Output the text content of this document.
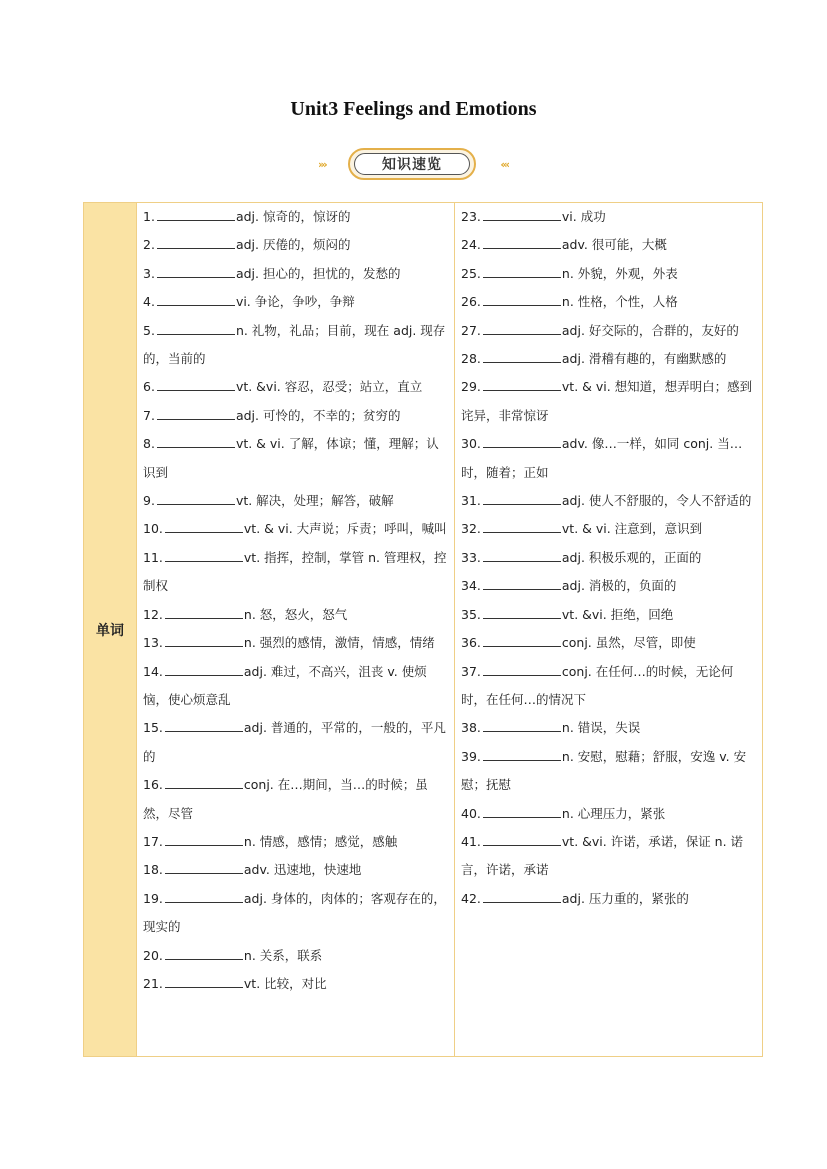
Unit3 Feelings and Emotions
›››	知识速览	‹‹‹
单词
1.	adj. 惊奇的，惊讶的
2.	adj. 厌倦的，烦闷的
3.	adj. 担心的，担忧的，发愁的
4.	vi. 争论，争吵，争辩
5.	n. 礼物，礼品；目前，现在 adj. 现存的，当前的
6.	vt. &vi. 容忍，忍受；站立，直立
7.	adj. 可怜的，不幸的；贫穷的
8.	vt. & vi. 了解，体谅；懂，理解；认识到
9.	vt. 解决，处理；解答，破解
10.	vt. & vi. 大声说；斥责；呼叫，喊叫
11.	vt. 指挥，控制，掌管 n. 管理权，控制权
12.	n. 怒，怒火，怒气
13.	n. 强烈的感情，激情，情感，情绪
14.	adj. 难过，不高兴，沮丧 v. 使烦恼，使心烦意乱
15.	adj. 普通的，平常的，一般的，平凡的
16.	conj. 在…期间，当…的时候；虽然，尽管
17.	n. 情感，感情；感觉，感触
18.	adv. 迅速地，快速地
19.	adj. 身体的，肉体的；客观存在的，现实的
20.	n. 关系，联系
21.	vt. 比较，对比
23.	vi. 成功
24.	adv. 很可能，大概
25.	n. 外貌，外观，外表
26.	n. 性格，个性，人格
27.	adj. 好交际的，合群的，友好的
28.	adj. 滑稽有趣的，有幽默感的
29.	vt. & vi. 想知道，想弄明白；感到诧异，非常惊讶
30.	adv. 像…一样，如同 conj. 当…时，随着；正如
31.	adj. 使人不舒服的，令人不舒适的
32.	vt. & vi. 注意到，意识到
33.	adj. 积极乐观的，正面的
34.	adj. 消极的，负面的
35.	vt. &vi. 拒绝，回绝
36.	conj. 虽然，尽管，即使
37.	conj. 在任何…的时候，无论何时，在任何…的情况下
38.	n. 错误，失误
39.	n. 安慰，慰藉；舒服，安逸 v. 安慰；抚慰
40.	n. 心理压力，紧张
41.	vt. &vi. 许诺，承诺，保证 n. 诺言，许诺，承诺
42.	adj. 压力重的，紧张的
